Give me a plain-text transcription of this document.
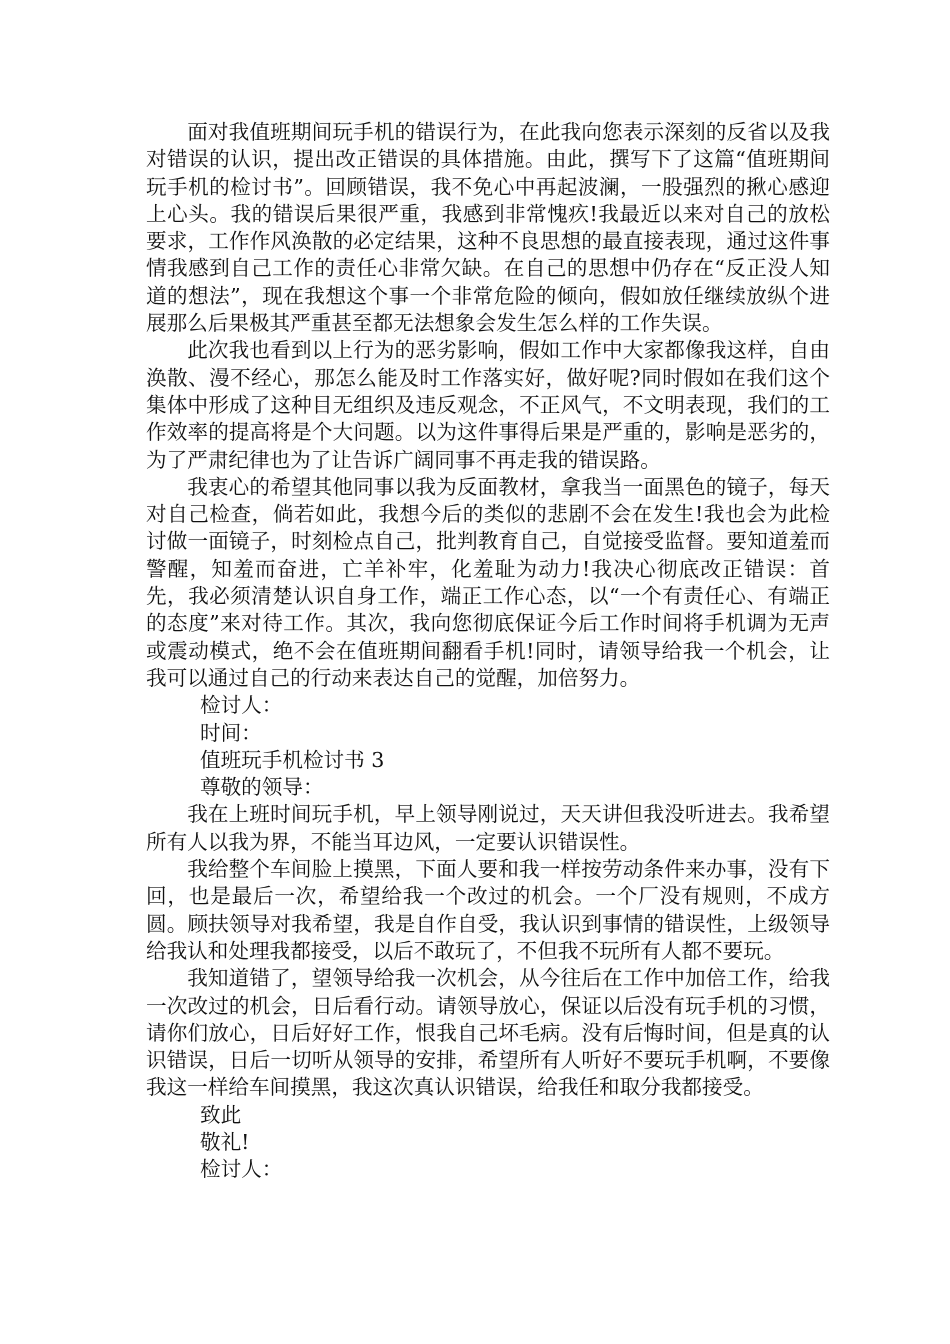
面对我值班期间玩手机的错误行为，在此我向您表示深刻的反省以及我对错误的认识，提出改正错误的具体措施。由此，撰写下了这篇“值班期间玩手机的检讨书”。回顾错误，我不免心中再起波澜，一股强烈的揪心感迎上心头。我的错误后果很严重，我感到非常愧疚!我最近以来对自己的放松要求，工作作风涣散的必定结果，这种不良思想的最直接表现，通过这件事情我感到自己工作的责任心非常欠缺。在自己的思想中仍存在“反正没人知道的想法”，现在我想这个事一个非常危险的倾向，假如放任继续放纵个进展那么后果极其严重甚至都无法想象会发生怎么样的工作失误。

此次我也看到以上行为的恶劣影响，假如工作中大家都像我这样，自由涣散、漫不经心，那怎么能及时工作落实好，做好呢?同时假如在我们这个集体中形成了这种目无组织及违反观念，不正风气，不文明表现，我们的工作效率的提高将是个大问题。以为这件事得后果是严重的，影响是恶劣的，为了严肃纪律也为了让告诉广阔同事不再走我的错误路。

我衷心的希望其他同事以我为反面教材，拿我当一面黑色的镜子，每天对自己检查，倘若如此，我想今后的类似的悲剧不会在发生!我也会为此检讨做一面镜子，时刻检点自己，批判教育自己，自觉接受监督。要知道羞而警醒，知羞而奋进，亡羊补牢，化羞耻为动力!我决心彻底改正错误：首先，我必须清楚认识自身工作，端正工作心态，以“一个有责任心、有端正的态度”来对待工作。其次，我向您彻底保证今后工作时间将手机调为无声或震动模式，绝不会在值班期间翻看手机!同时，请领导给我一个机会，让我可以通过自己的行动来表达自己的觉醒，加倍努力。

检讨人：

时间：

值班玩手机检讨书 3

尊敬的领导：

我在上班时间玩手机，早上领导刚说过，天天讲但我没听进去。我希望所有人以我为界，不能当耳边风，一定要认识错误性。

我给整个车间脸上摸黑，下面人要和我一样按劳动条件来办事，没有下回，也是最后一次，希望给我一个改过的机会。一个厂没有规则，不成方圆。顾扶领导对我希望，我是自作自受，我认识到事情的错误性，上级领导给我认和处理我都接受，以后不敢玩了，不但我不玩所有人都不要玩。

我知道错了，望领导给我一次机会，从今往后在工作中加倍工作，给我一次改过的机会，日后看行动。请领导放心，保证以后没有玩手机的习惯，请你们放心，日后好好工作，恨我自己坏毛病。没有后悔时间，但是真的认识错误，日后一切听从领导的安排，希望所有人听好不要玩手机啊，不要像我这一样给车间摸黑，我这次真认识错误，给我任和取分我都接受。

致此

敬礼!

检讨人：
